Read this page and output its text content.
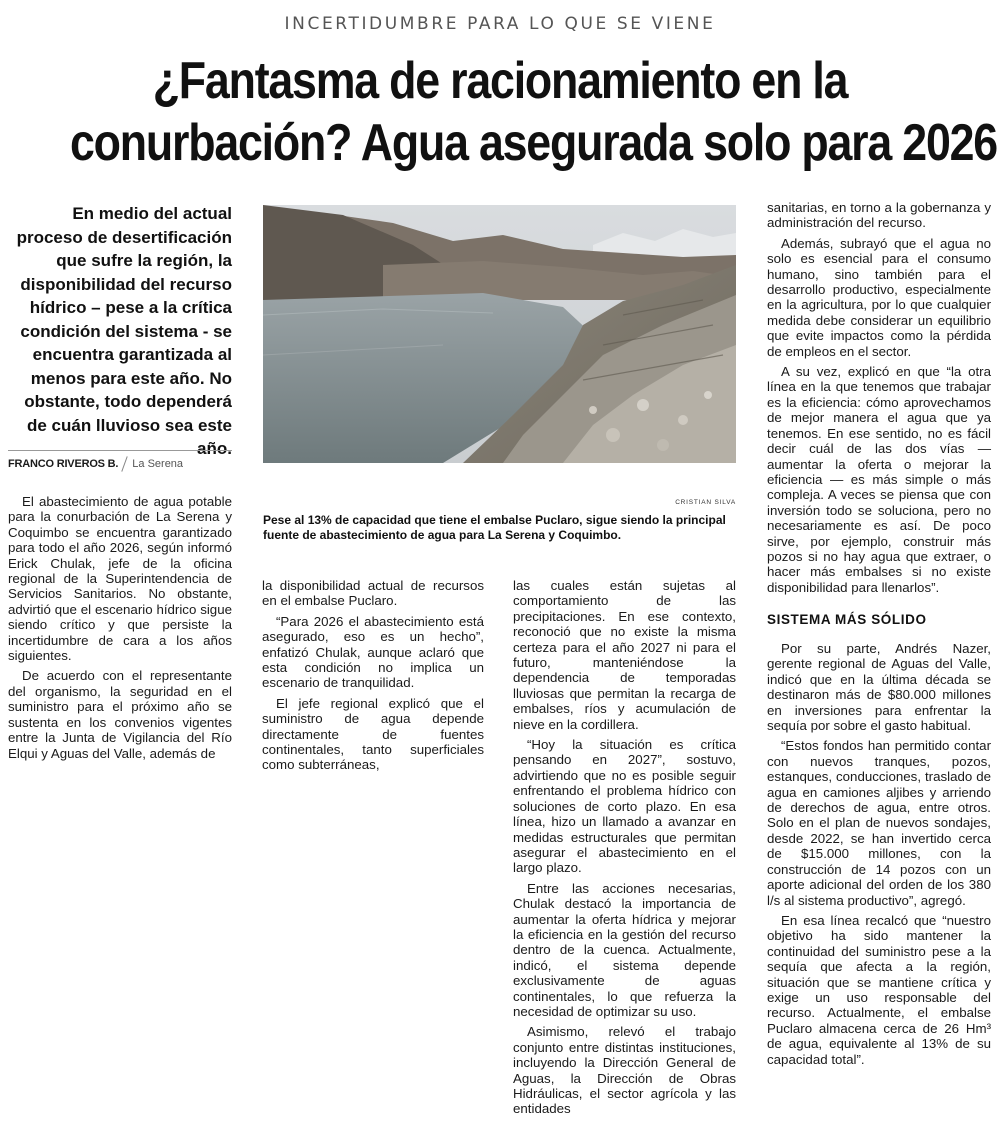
INCERTIDUMBRE PARA LO QUE SE VIENE
¿Fantasma de racionamiento en la
conurbación? Agua asegurada solo para 2026
En medio del actual proceso de desertificación que sufre la región, la disponibilidad del recurso hídrico – pese a la crítica condición del sistema - se encuentra garantizada al menos para este año. No obstante, todo dependerá de cuán lluvioso sea este año.
FRANCO RIVEROS B. La Serena
CRISTIAN SILVA
Pese al 13% de capacidad que tiene el embalse Puclaro, sigue siendo la principal fuente de abastecimiento de agua para La Serena y Coquimbo.

El abastecimiento de agua potable para la conurbación de La Serena y Coquimbo se encuentra garantizado para todo el año 2026, según informó Erick Chulak, jefe de la oficina regional de la Superintendencia de Servicios Sanitarios. No obstante, advirtió que el escenario hídrico sigue siendo crítico y que persiste la incertidumbre de cara a los años siguientes.

De acuerdo con el representante del organismo, la seguridad en el suministro para el próximo año se sustenta en los convenios vigentes entre la Junta de Vigilancia del Río Elqui y Aguas del Valle, además de

la disponibilidad actual de recursos en el embalse Puclaro.

“Para 2026 el abastecimiento está asegurado, eso es un hecho”, enfatizó Chulak, aunque aclaró que esta condición no implica un escenario de tranquilidad.

El jefe regional explicó que el suministro de agua depende directamente de fuentes continentales, tanto superficiales como subterráneas,

las cuales están sujetas al comportamiento de las precipitaciones. En ese contexto, reconoció que no existe la misma certeza para el año 2027 ni para el futuro, manteniéndose la dependencia de temporadas lluviosas que permitan la recarga de embalses, ríos y acumulación de nieve en la cordillera.

“Hoy la situación es crítica pensando en 2027”, sostuvo, advirtiendo que no es posible seguir enfrentando el problema hídrico con soluciones de corto plazo. En esa línea, hizo un llamado a avanzar en medidas estructurales que permitan asegurar el abastecimiento en el largo plazo.

Entre las acciones necesarias, Chulak destacó la importancia de aumentar la oferta hídrica y mejorar la eficiencia en la gestión del recurso dentro de la cuenca. Actualmente, indicó, el sistema depende exclusivamente de aguas continentales, lo que refuerza la necesidad de optimizar su uso.

Asimismo, relevó el trabajo conjunto entre distintas instituciones, incluyendo la Dirección General de Aguas, la Dirección de Obras Hidráulicas, el sector agrícola y las entidades

sanitarias, en torno a la gobernanza y administración del recurso.

Además, subrayó que el agua no solo es esencial para el consumo humano, sino también para el desarrollo productivo, especialmente en la agricultura, por lo que cualquier medida debe considerar un equilibrio que evite impactos como la pérdida de empleos en el sector.

A su vez, explicó en que “la otra línea en la que tenemos que trabajar es la eficiencia: cómo aprovechamos de mejor manera el agua que ya tenemos. En ese sentido, no es fácil decir cuál de las dos vías — aumentar la oferta o mejorar la eficiencia — es más simple o más compleja. A veces se piensa que con inversión todo se soluciona, pero no necesariamente es así. De poco sirve, por ejemplo, construir más pozos si no hay agua que extraer, o hacer más embalses si no existe disponibilidad para llenarlos”.

SISTEMA MÁS SÓLIDO

Por su parte, Andrés Nazer, gerente regional de Aguas del Valle, indicó que en la última década se destinaron más de $80.000 millones en inversiones para enfrentar la sequía por sobre el gasto habitual.

“Estos fondos han permitido contar con nuevos tranques, pozos, estanques, conducciones, traslado de agua en camiones aljibes y arriendo de derechos de agua, entre otros. Solo en el plan de nuevos sondajes, desde 2022, se han invertido cerca de $15.000 millones, con la construcción de 14 pozos con un aporte adicional del orden de los 380 l/s al sistema productivo”, agregó.

En esa línea recalcó que “nuestro objetivo ha sido mantener la continuidad del suministro pese a la sequía que afecta a la región, situación que se mantiene crítica y exige un uso responsable del recurso. Actualmente, el embalse Puclaro almacena cerca de 26 Hm³ de agua, equivalente al 13% de su capacidad total”.
